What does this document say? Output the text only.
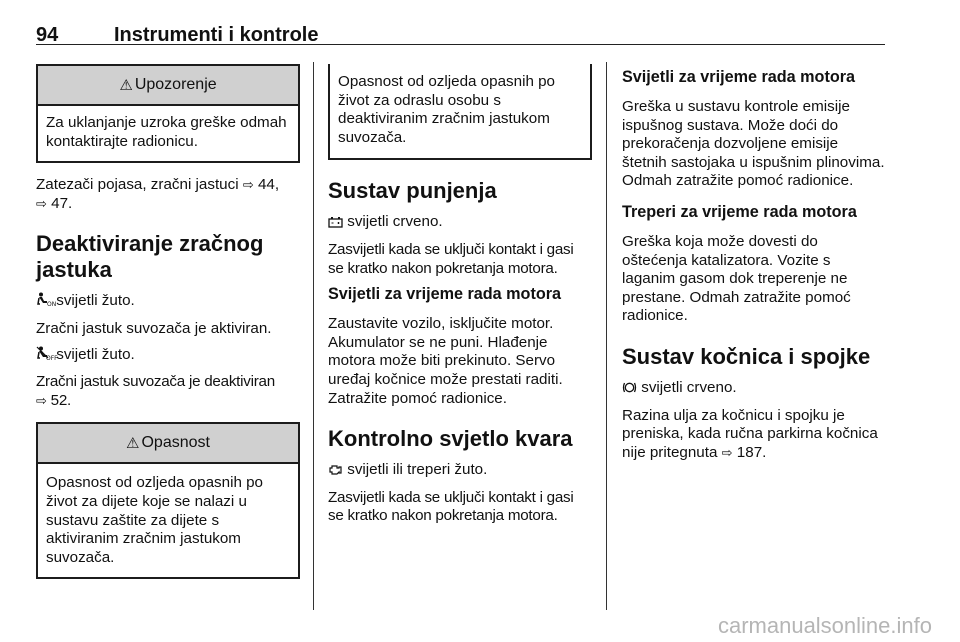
94	Instrumenti i kontrole
⚠ Upozorenje

Za uklanjanje uzroka greške odmah kontaktirajte radionicu.

Zatezači pojasa, zračni jastuci ⇨ 44,
⇨ 47.

Deaktiviranje zračnog jastuka

ON svijetli žuto.

Zračni jastuk suvozača je aktiviran.

OFF
svijetli žuto.

Zračni jastuk suvozača je deaktiviran
⇨ 52.

⚠ Opasnost

Opasnost od ozljeda opasnih po život za dijete koje se nalazi u sustavu zaštite za dijete s aktiviranim zračnim jastukom suvozača.

Opasnost od ozljeda opasnih po život za odraslu osobu s deaktiviranim zračnim jastukom suvozača.

Sustav punjenja

svijetli crveno.

Zasvijetli kada se uključi kontakt i gasi se kratko nakon pokretanja motora.

Svijetli za vrijeme rada motora

Zaustavite vozilo, isključite motor. Akumulator se ne puni. Hlađenje motora može biti prekinuto. Servo uređaj kočnice može prestati raditi. Zatražite pomoć radionice.

Kontrolno svjetlo kvara

svijetli ili treperi žuto.

Zasvijetli kada se uključi kontakt i gasi se kratko nakon pokretanja motora.

Svijetli za vrijeme rada motora

Greška u sustavu kontrole emisije ispušnog sustava. Može doći do prekoračenja dozvoljene emisije štetnih sastojaka u ispušnim plinovima. Odmah zatražite pomoć radionice.

Treperi za vrijeme rada motora

Greška koja može dovesti do oštećenja katalizatora. Vozite s laganim gasom dok treperenje ne prestane. Odmah zatražite pomoć radionice.

Sustav kočnica i spojke

svijetli crveno.

Razina ulja za kočnicu i spojku je preniska, kada ručna parkirna kočnica nije pritegnuta ⇨ 187.

carmanualsonline.info
